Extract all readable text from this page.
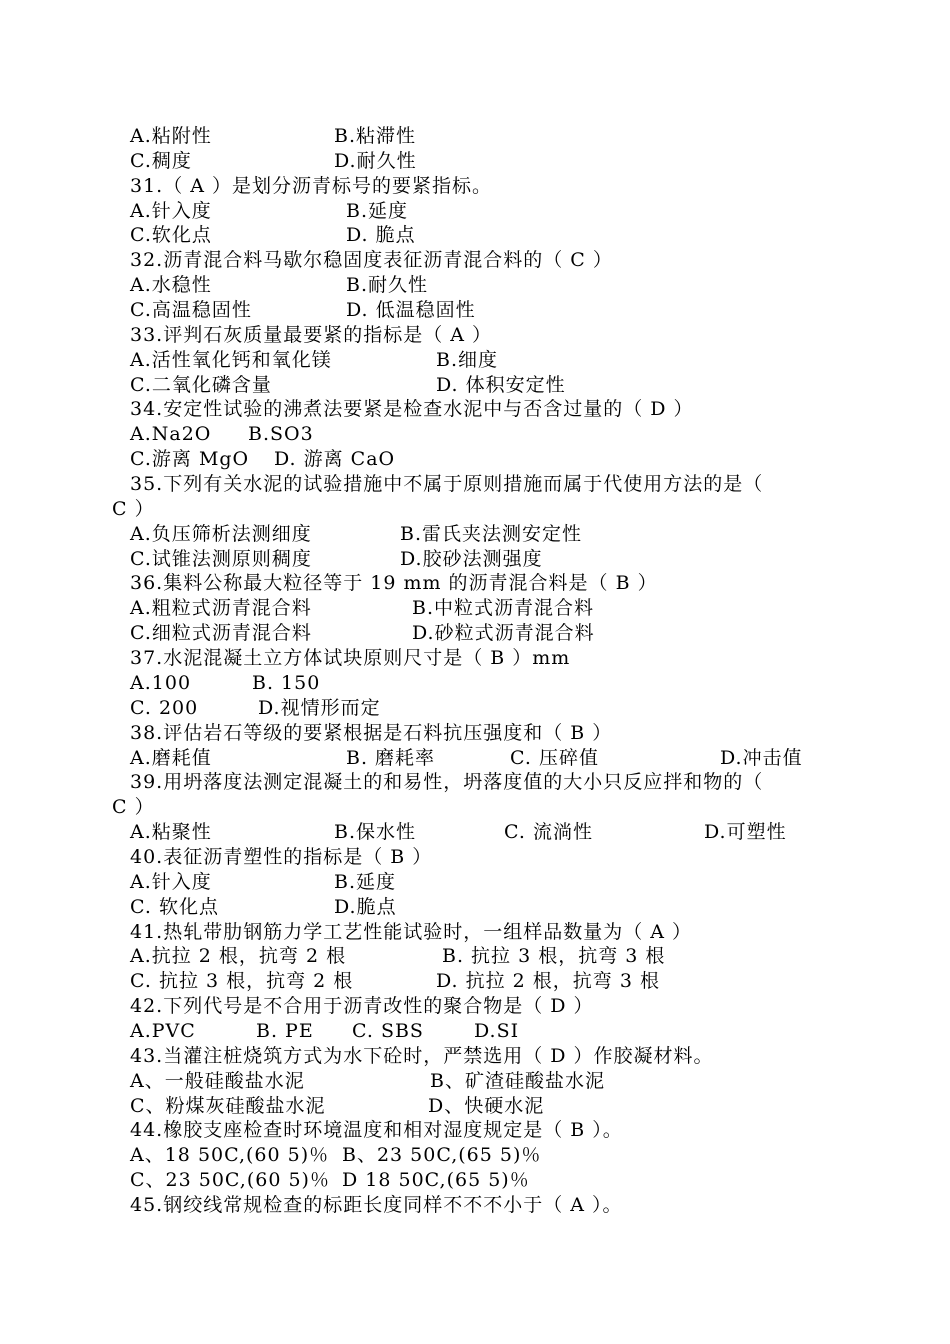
A.粘附性	B.粘滞性
C.稠度	D.耐久性
31.（ A ）是划分沥青标号的要紧指标。
A.针入度	B.延度
C.软化点	D. 脆点
32.沥青混合料马歇尔稳固度表征沥青混合料的（ C ）
A.水稳性	B.耐久性
C.高温稳固性	D. 低温稳固性
33.评判石灰质量最要紧的指标是（ A ）
A.活性氧化钙和氧化镁	B.细度
C.二氧化磷含量	D. 体积安定性
34.安定性试验的沸煮法要紧是检查水泥中与否含过量的（ D ）
A.Na2O B.SO3
C.游离 MgO D. 游离 CaO
35.下列有关水泥的试验措施中不属于原则措施而属于代使用方法的是（
C ）
A.负压筛析法测细度	B.雷氏夹法测安定性
C.试锥法测原则稠度	D.胶砂法测强度
36.集料公称最大粒径等于 19 mm 的沥青混合料是（ B ）
A.粗粒式沥青混合料	B.中粒式沥青混合料
C.细粒式沥青混合料	D.砂粒式沥青混合料
37.水泥混凝土立方体试块原则尺寸是（ B ）mm
A.100	B. 150
C. 200	D.视情形而定
38.评估岩石等级的要紧根据是石料抗压强度和（ B ）
A.磨耗值	B. 磨耗率	C. 压碎值	D.冲击值
39.用坍落度法测定混凝土的和易性，坍落度值的大小只反应拌和物的（
C ）
A.粘聚性	B.保水性	C. 流淌性	D.可塑性
40.表征沥青塑性的指标是（ B ）
A.针入度	B.延度
C. 软化点	D.脆点
41.热轧带肋钢筋力学工艺性能试验时，一组样品数量为（ A ）
A.抗拉 2 根，抗弯 2 根	B. 抗拉 3 根，抗弯 3 根
C. 抗拉 3 根，抗弯 2 根	D. 抗拉 2 根，抗弯 3 根
42.下列代号是不合用于沥青改性的聚合物是（ D ）
A.PVC	B. PE C. SBS	D.SI
43.当灌注桩烧筑方式为水下砼时，严禁选用（ D ）作胶凝材料。
A、一般硅酸盐水泥	B、矿渣硅酸盐水泥
C、粉煤灰硅酸盐水泥	D、快硬水泥
44.橡胶支座检查时环境温度和相对湿度规定是（ B ）。
A、18 50C,(60 5)％ B、23 50C,(65 5)％
C、23 50C,(60 5)％ D 18 50C,(65 5)％
45.钢绞线常规检查的标距长度同样不不不小于（ A ）。
